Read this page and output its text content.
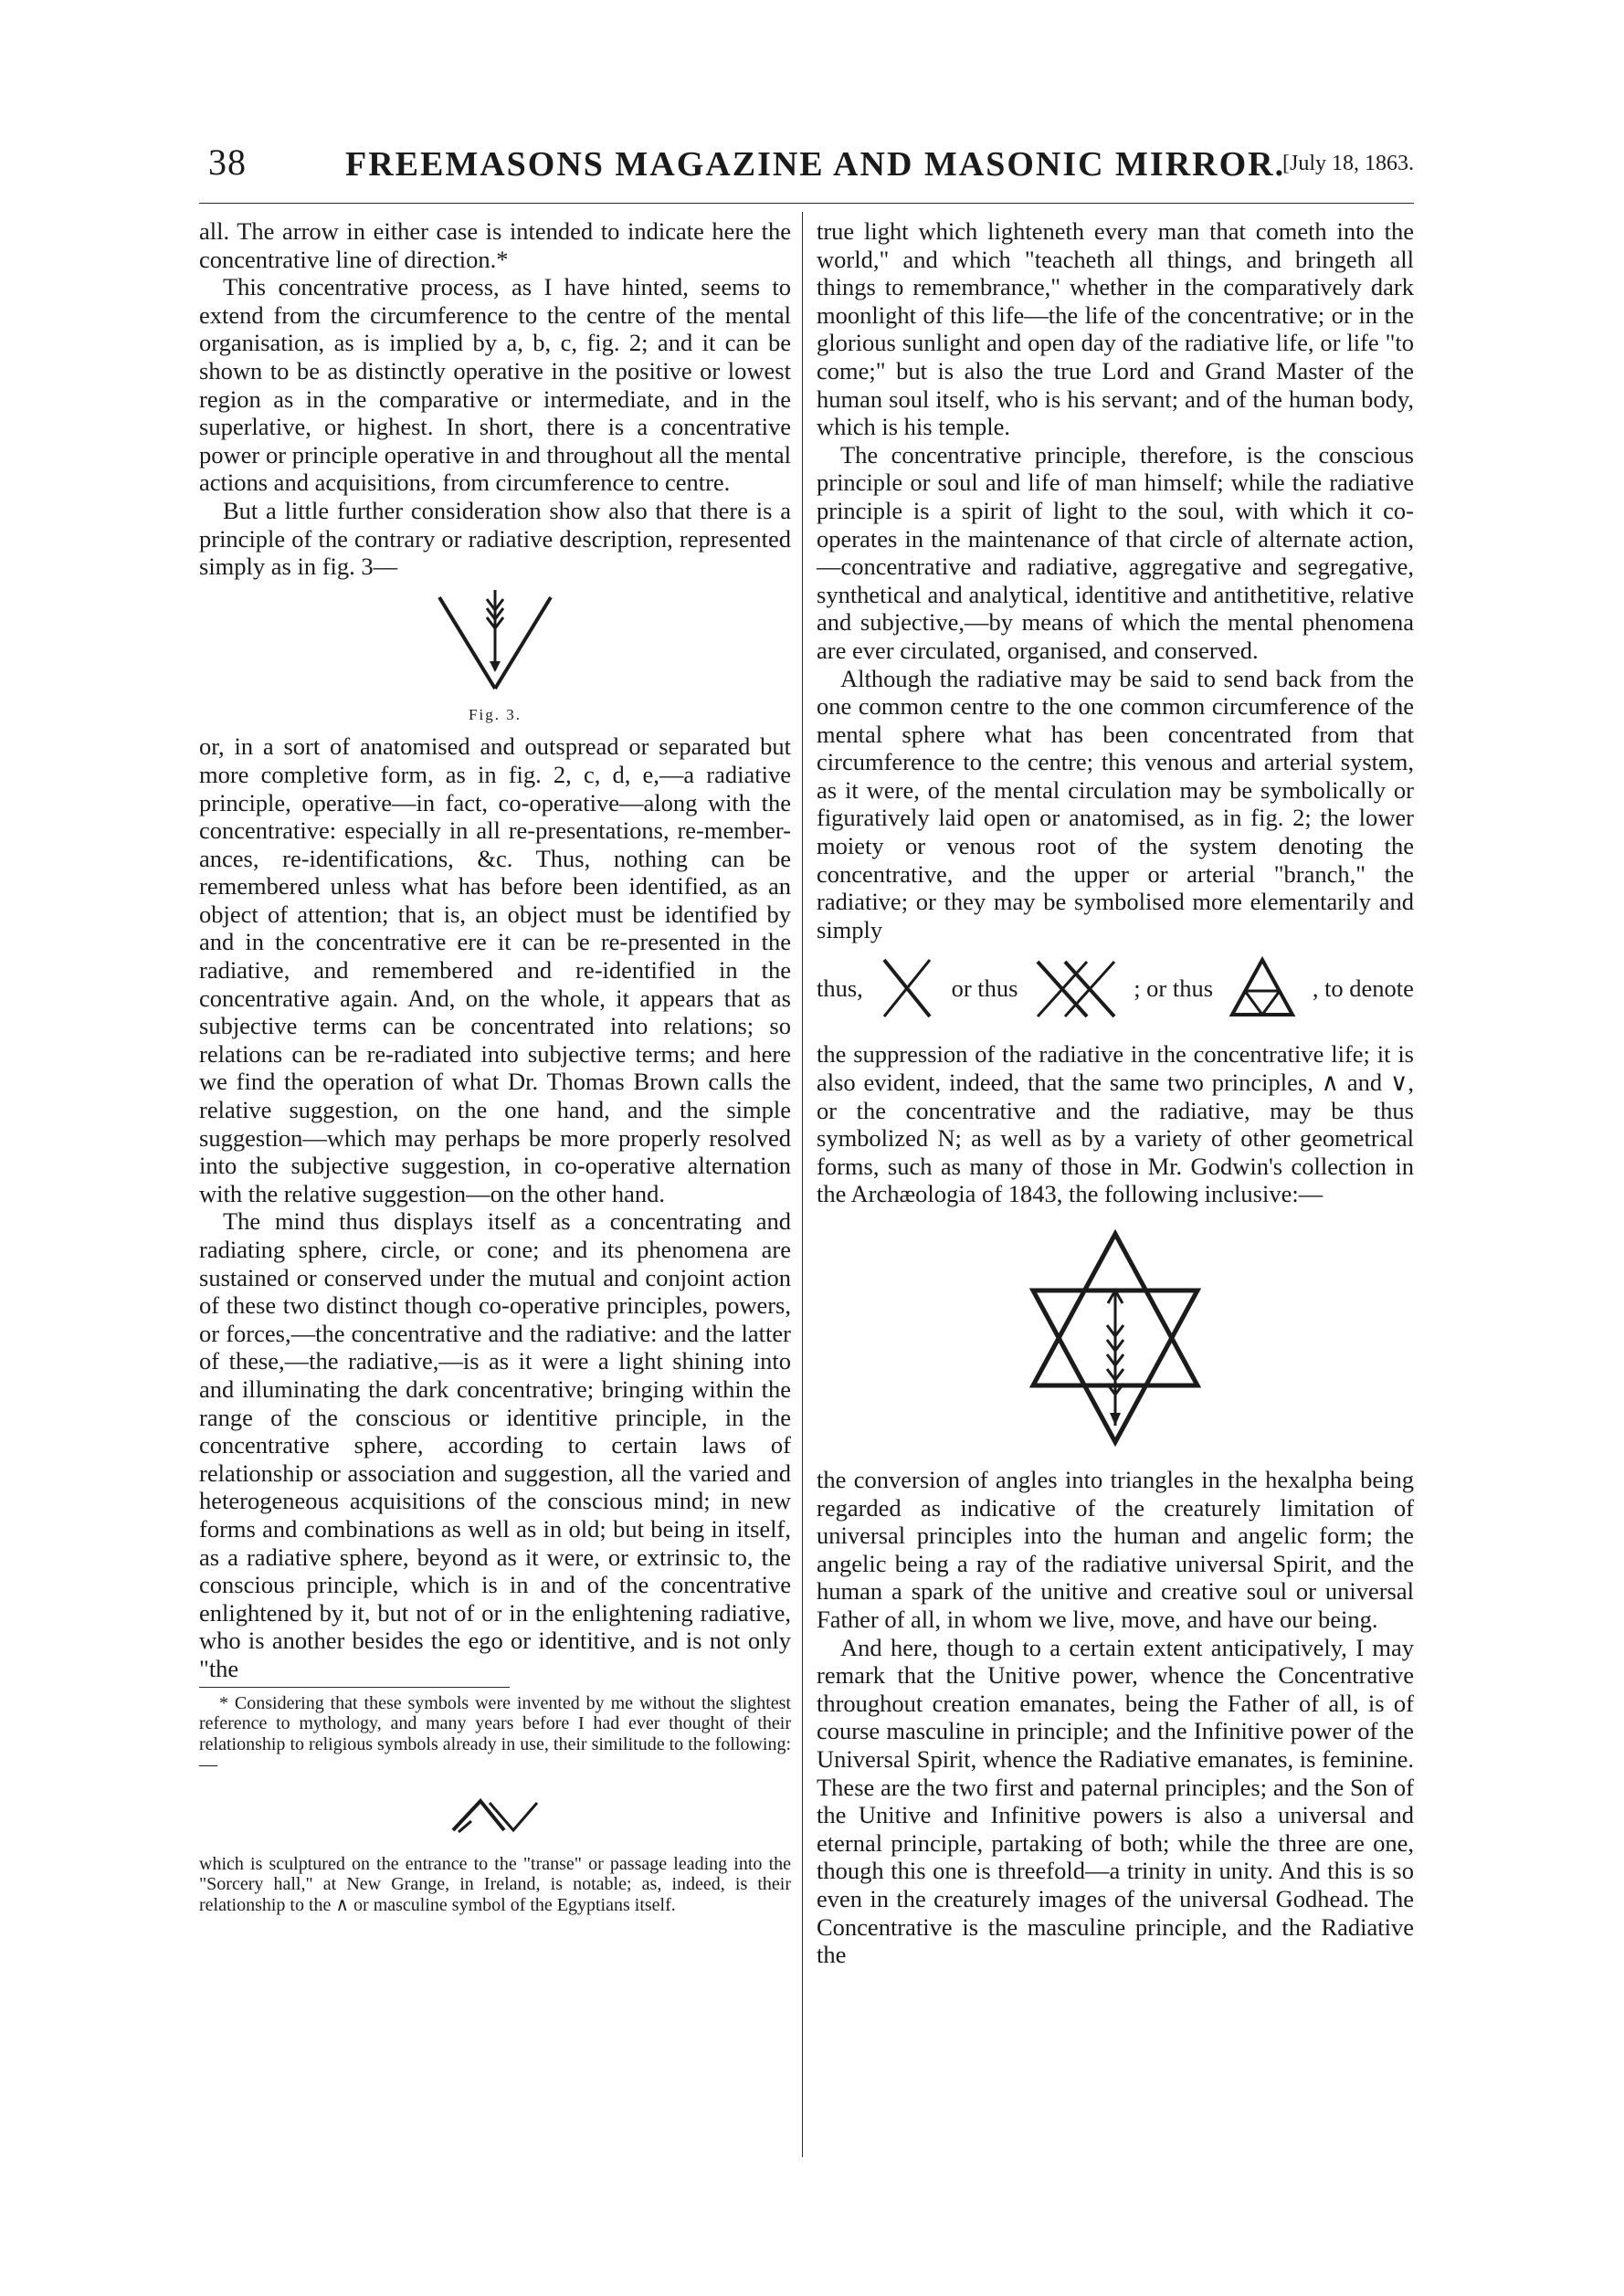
38	FREEMASONS MAGAZINE AND MASONIC MIRROR.
[July 18, 1863.

all. The arrow in either case is intended to indicate here the concentrative line of direction.*

This concentrative process, as I have hinted, seems to extend from the circumference to the centre of the mental organisation, as is implied by a, b, c, fig. 2; and it can be shown to be as distinctly operative in the positive or lowest region as in the comparative or intermediate, and in the superlative, or highest. In short, there is a concentrative power or principle operative in and throughout all the mental actions and acquisitions, from circumference to centre.

But a little further consideration show also that there is a principle of the contrary or radiative description, represented simply as in fig. 3—

Fig. 3.

or, in a sort of anatomised and outspread or separated but more completive form, as in fig. 2, c, d, e,—a radiative principle, operative—in fact, co-operative—along with the concentrative: especially in all re-presentations, re-member-ances, re-identifications, &c. Thus, nothing can be remembered unless what has before been identified, as an object of attention; that is, an object must be identified by and in the concentrative ere it can be re-presented in the radiative, and remembered and re-identified in the concentrative again. And, on the whole, it appears that as subjective terms can be concentrated into relations; so relations can be re-radiated into subjective terms; and here we find the operation of what Dr. Thomas Brown calls the relative suggestion, on the one hand, and the simple suggestion—which may perhaps be more properly resolved into the subjective suggestion, in co-operative alternation with the relative suggestion—on the other hand.

The mind thus displays itself as a concentrating and radiating sphere, circle, or cone; and its phenomena are sustained or conserved under the mutual and conjoint action of these two distinct though co-operative principles, powers, or forces,—the concentrative and the radiative: and the latter of these,—the radiative,—is as it were a light shining into and illuminating the dark concentrative; bringing within the range of the conscious or identitive principle, in the concentrative sphere, according to certain laws of relationship or association and suggestion, all the varied and heterogeneous acquisitions of the conscious mind; in new forms and combinations as well as in old; but being in itself, as a radiative sphere, beyond as it were, or extrinsic to, the conscious principle, which is in and of the concentrative enlightened by it, but not of or in the enlightening radiative, who is another besides the ego or identitive, and is not only "the

* Considering that these symbols were invented by me without the slightest reference to mythology, and many years before I had ever thought of their relationship to religious symbols already in use, their similitude to the following:—

which is sculptured on the entrance to the "transe" or passage leading into the "Sorcery hall," at New Grange, in Ireland, is notable; as, indeed, is their relationship to the ∧ or masculine symbol of the Egyptians itself.

true light which lighteneth every man that cometh into the world," and which "teacheth all things, and bringeth all things to remembrance," whether in the comparatively dark moonlight of this life—the life of the concentrative; or in the glorious sunlight and open day of the radiative life, or life "to come;" but is also the true Lord and Grand Master of the human soul itself, who is his servant; and of the human body, which is his temple.

The concentrative principle, therefore, is the conscious principle or soul and life of man himself; while the radiative principle is a spirit of light to the soul, with which it co-operates in the maintenance of that circle of alternate action,—concentrative and radiative, aggregative and segregative, synthetical and analytical, identitive and antithetitive, relative and subjective,—by means of which the mental phenomena are ever circulated, organised, and conserved.

Although the radiative may be said to send back from the one common centre to the one common circumference of the mental sphere what has been concentrated from that circumference to the centre; this venous and arterial system, as it were, of the mental circulation may be symbolically or figuratively laid open or anatomised, as in fig. 2; the lower moiety or venous root of the system denoting the concentrative, and the upper or arterial "branch," the radiative; or they may be symbolised more elementarily and simply

thus,	or thus	; or thus	, to denote

the suppression of the radiative in the concentrative life; it is also evident, indeed, that the same two principles, ∧ and ∨, or the concentrative and the radiative, may be thus symbolized N; as well as by a variety of other geometrical forms, such as many of those in Mr. Godwin's collection in the Archæologia of 1843, the following inclusive:—

the conversion of angles into triangles in the hexalpha being regarded as indicative of the creaturely limitation of universal principles into the human and angelic form; the angelic being a ray of the radiative universal Spirit, and the human a spark of the unitive and creative soul or universal Father of all, in whom we live, move, and have our being.

And here, though to a certain extent anticipatively, I may remark that the Unitive power, whence the Concentrative throughout creation emanates, being the Father of all, is of course masculine in principle; and the Infinitive power of the Universal Spirit, whence the Radiative emanates, is feminine. These are the two first and paternal principles; and the Son of the Unitive and Infinitive powers is also a universal and eternal principle, partaking of both; while the three are one, though this one is threefold—a trinity in unity. And this is so even in the creaturely images of the universal Godhead. The Concentrative is the masculine principle, and the Radiative the
